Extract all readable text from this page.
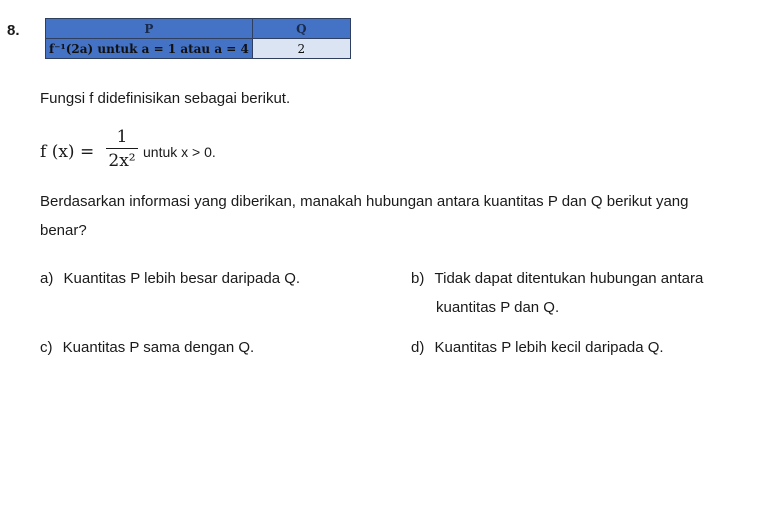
8.	P	Q
f⁻¹(2a) untuk a = 1 atau a = 4	2
Fungsi f didefinisikan sebagai berikut.
f (x) =
1
2x² untuk x > 0.
Berdasarkan informasi yang diberikan, manakah hubungan antara kuantitas P dan Q berikut yang
benar?
a) Kuantitas P lebih besar daripada Q.	b) Tidak dapat ditentukan hubungan antara
kuantitas P dan Q.
c) Kuantitas P sama dengan Q.	d) Kuantitas P lebih kecil daripada Q.
